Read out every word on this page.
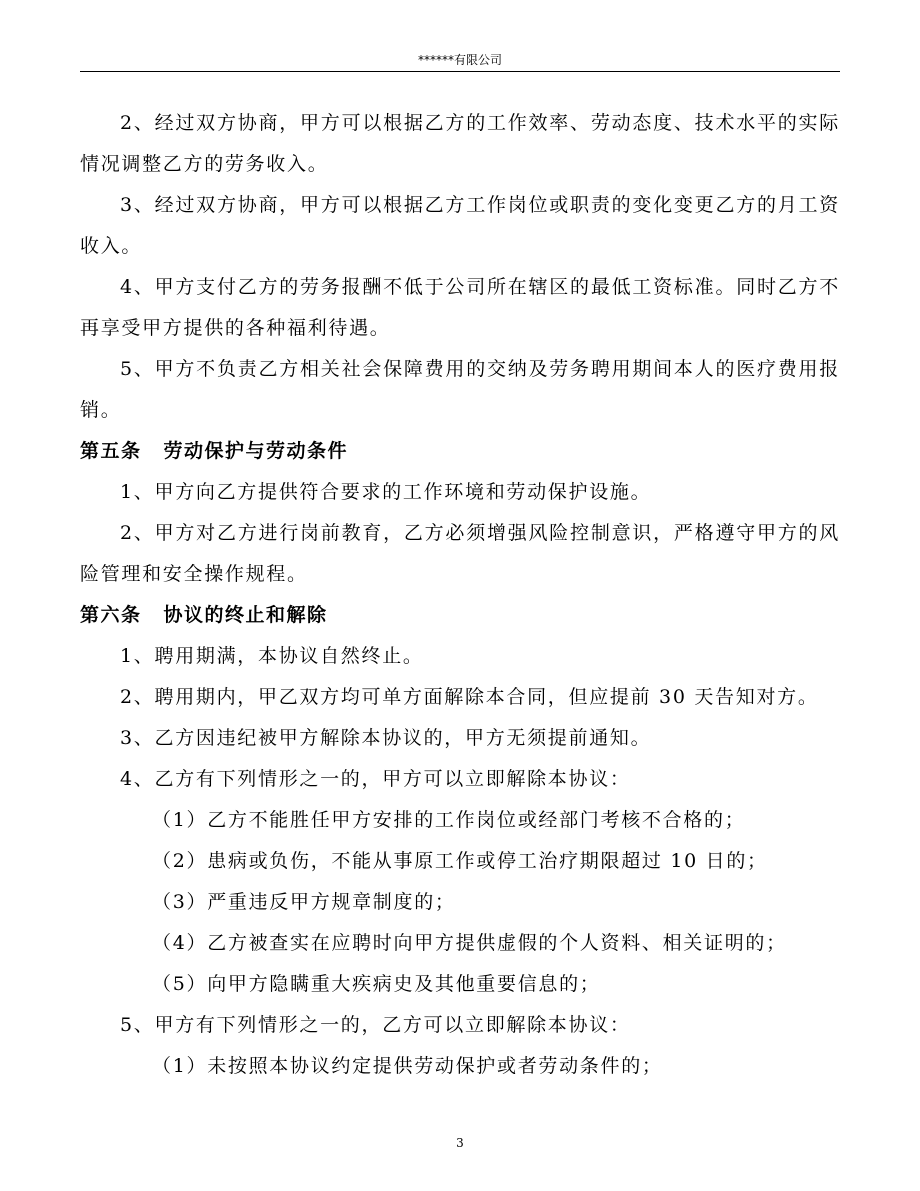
******有限公司

2、经过双方协商，甲方可以根据乙方的工作效率、劳动态度、技术水平的实际情况调整乙方的劳务收入。

3、经过双方协商，甲方可以根据乙方工作岗位或职责的变化变更乙方的月工资收入。

4、甲方支付乙方的劳务报酬不低于公司所在辖区的最低工资标准。同时乙方不再享受甲方提供的各种福利待遇。

5、甲方不负责乙方相关社会保障费用的交纳及劳务聘用期间本人的医疗费用报销。

第五条 劳动保护与劳动条件

1、甲方向乙方提供符合要求的工作环境和劳动保护设施。

2、甲方对乙方进行岗前教育，乙方必须增强风险控制意识，严格遵守甲方的风险管理和安全操作规程。

第六条 协议的终止和解除

1、聘用期满，本协议自然终止。

2、聘用期内，甲乙双方均可单方面解除本合同，但应提前 30 天告知对方。

3、乙方因违纪被甲方解除本协议的，甲方无须提前通知。

4、乙方有下列情形之一的，甲方可以立即解除本协议：

（1）乙方不能胜任甲方安排的工作岗位或经部门考核不合格的；

（2）患病或负伤，不能从事原工作或停工治疗期限超过 10 日的；

（3）严重违反甲方规章制度的；

（4）乙方被查实在应聘时向甲方提供虚假的个人资料、相关证明的；

（5）向甲方隐瞒重大疾病史及其他重要信息的；

5、甲方有下列情形之一的，乙方可以立即解除本协议：

（1）未按照本协议约定提供劳动保护或者劳动条件的；

3
